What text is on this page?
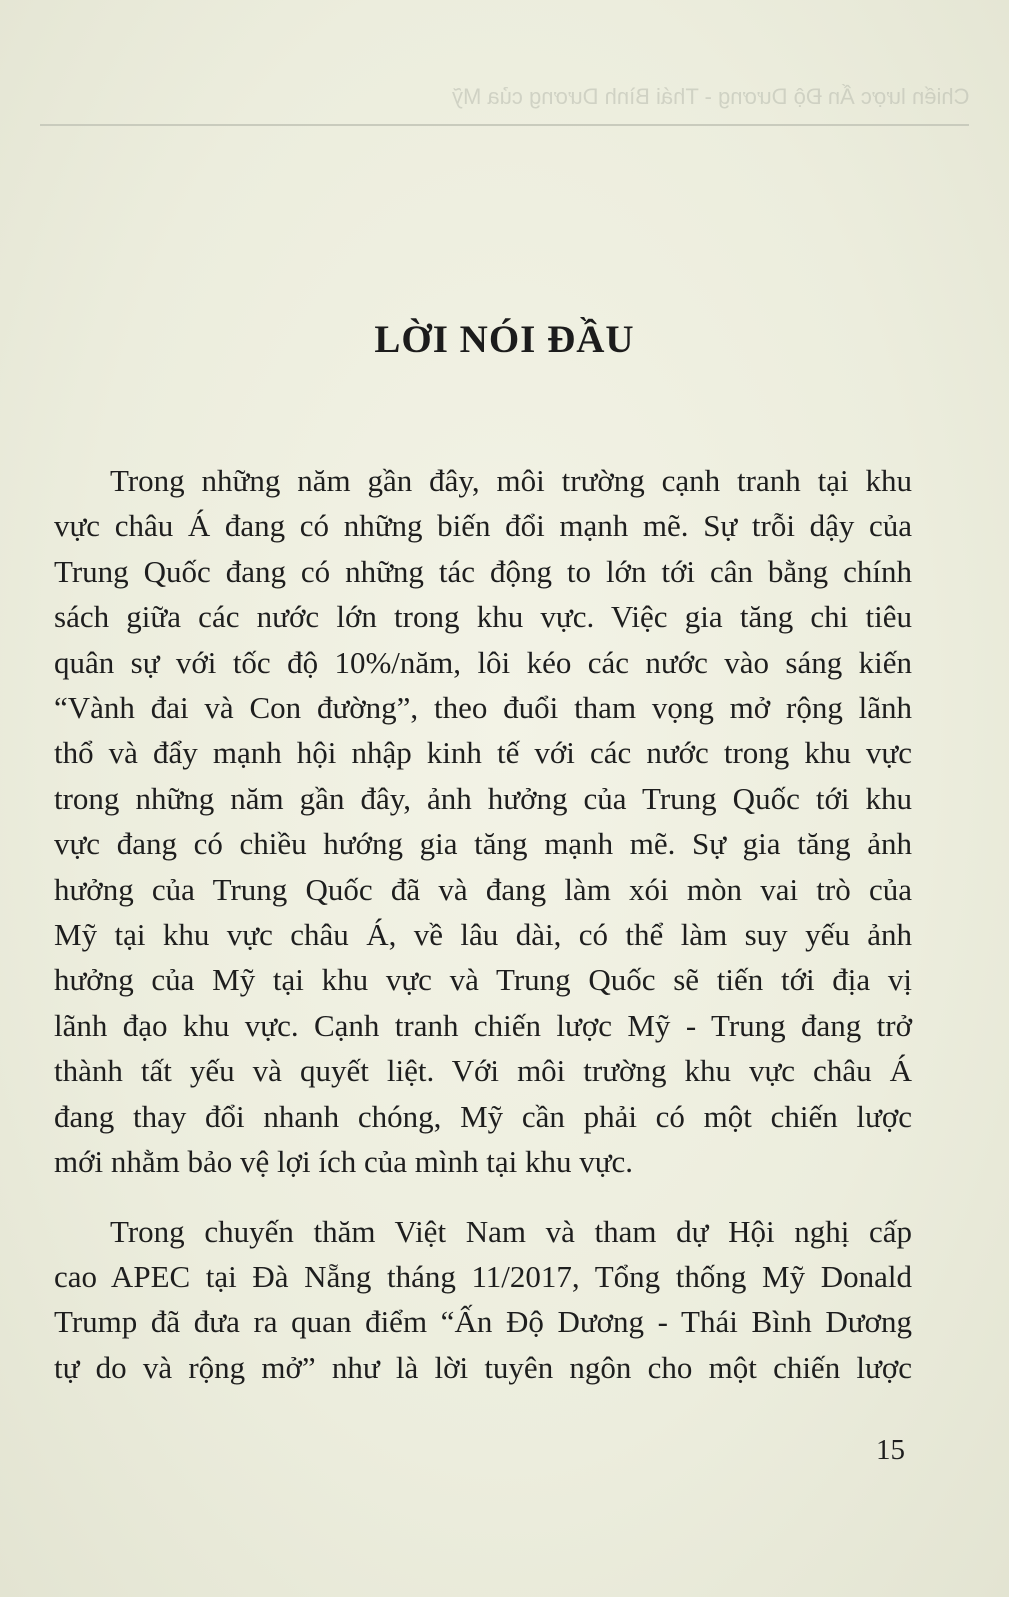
Chiến lược Ấn Độ Dương - Thái Bình Dương của Mỹ
LỜI NÓI ĐẦU

Trong những năm gần đây, môi trường cạnh tranh tại khu
vực châu Á đang có những biến đổi mạnh mẽ. Sự trỗi dậy của
Trung Quốc đang có những tác động to lớn tới cân bằng chính
sách giữa các nước lớn trong khu vực. Việc gia tăng chi tiêu
quân sự với tốc độ 10%/năm, lôi kéo các nước vào sáng kiến
“Vành đai và Con đường”, theo đuổi tham vọng mở rộng lãnh
thổ và đẩy mạnh hội nhập kinh tế với các nước trong khu vực
trong những năm gần đây, ảnh hưởng của Trung Quốc tới khu
vực đang có chiều hướng gia tăng mạnh mẽ. Sự gia tăng ảnh
hưởng của Trung Quốc đã và đang làm xói mòn vai trò của
Mỹ tại khu vực châu Á, về lâu dài, có thể làm suy yếu ảnh
hưởng của Mỹ tại khu vực và Trung Quốc sẽ tiến tới địa vị
lãnh đạo khu vực. Cạnh tranh chiến lược Mỹ - Trung đang trở
thành tất yếu và quyết liệt. Với môi trường khu vực châu Á
đang thay đổi nhanh chóng, Mỹ cần phải có một chiến lược
mới nhằm bảo vệ lợi ích của mình tại khu vực.

Trong chuyến thăm Việt Nam và tham dự Hội nghị cấp
cao APEC tại Đà Nẵng tháng 11/2017, Tổng thống Mỹ Donald
Trump đã đưa ra quan điểm “Ấn Độ Dương - Thái Bình Dương
tự do và rộng mở” như là lời tuyên ngôn cho một chiến lược

15
